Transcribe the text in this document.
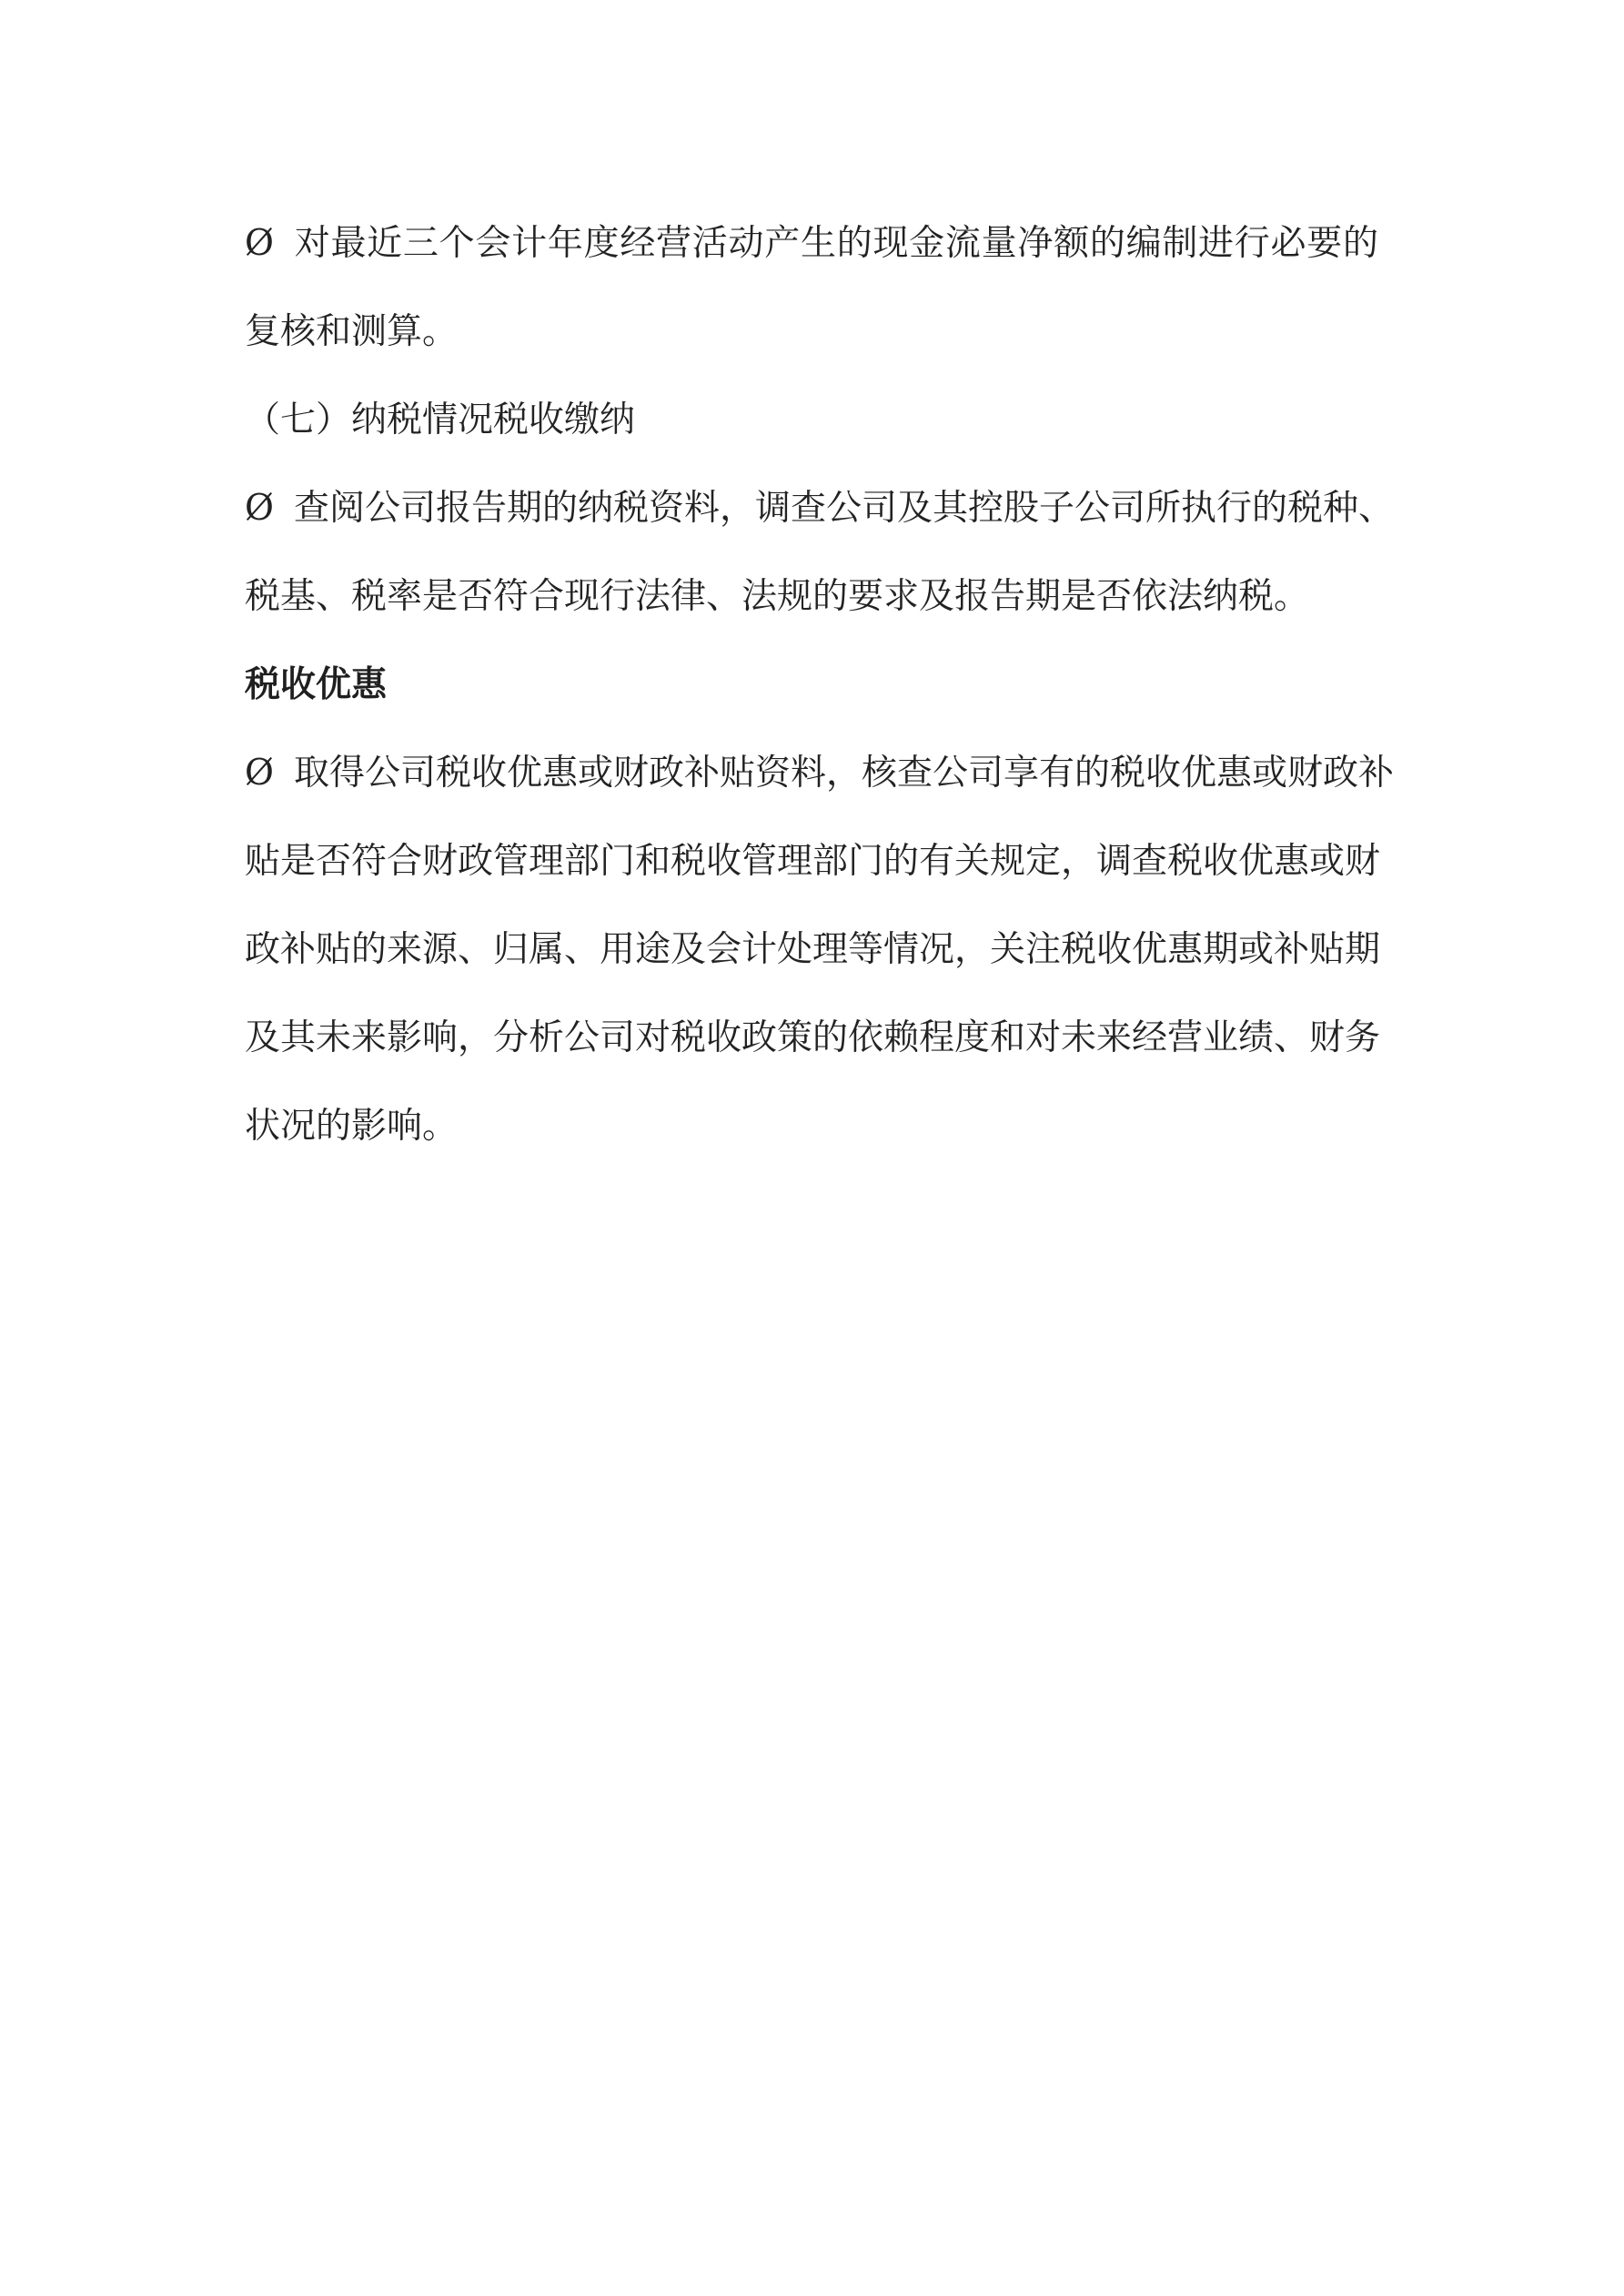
Ø 对最近三个会计年度经营活动产生的现金流量净额的编制进行必要的
复核和测算。
（七）纳税情况税收缴纳
Ø 查阅公司报告期的纳税资料，调查公司及其控股子公司所执行的税种、
税基、税率是否符合现行法律、法规的要求及报告期是否依法纳税。
税收优惠
Ø 取得公司税收优惠或财政补贴资料，核查公司享有的税收优惠或财政补
贴是否符合财政管理部门和税收管理部门的有关规定，调查税收优惠或财
政补贴的来源、归属、用途及会计处理等情况，关注税收优惠期或补贴期
及其未来影响，分析公司对税收政策的依赖程度和对未来经营业绩、财务
状况的影响。
